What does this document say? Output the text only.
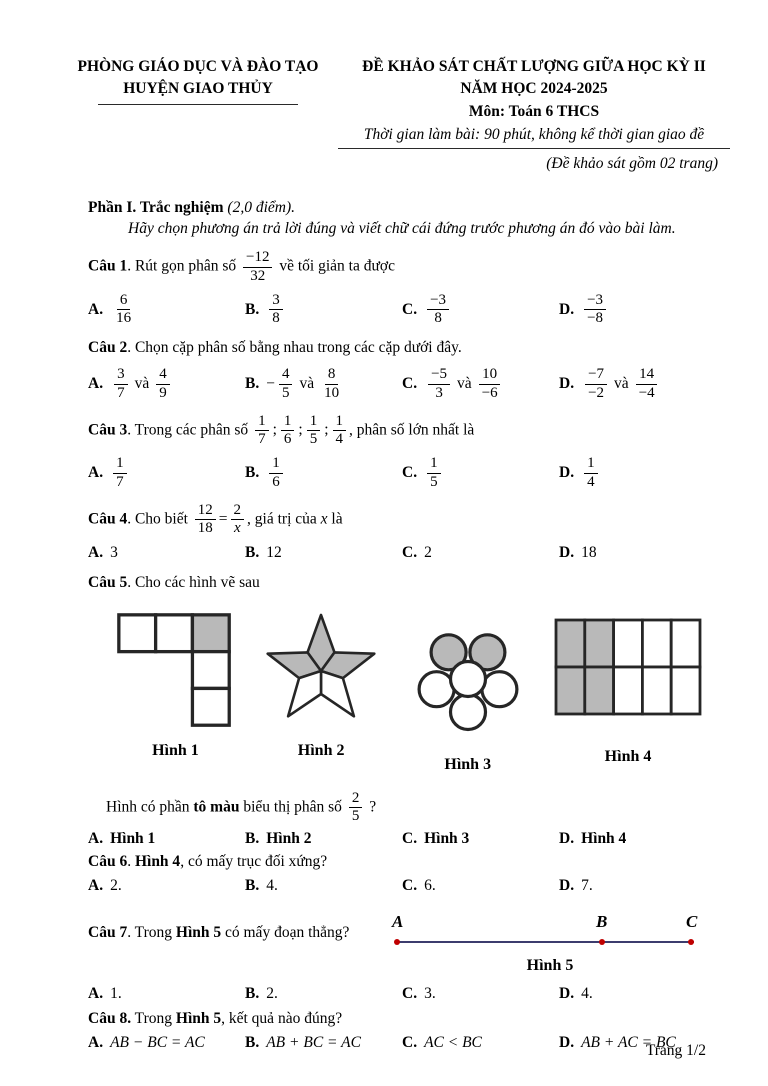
PHÒNG GIÁO DỤC VÀ ĐÀO TẠO
HUYỆN GIAO THỦY
ĐỀ KHẢO SÁT CHẤT LƯỢNG GIỮA HỌC KỲ II
NĂM HỌC 2024-2025
Môn: Toán 6 THCS
Thời gian làm bài: 90 phút, không kể thời gian giao đề
(Đề khảo sát gồm 02 trang)
Phần I. Trắc nghiệm (2,0 điểm).
Hãy chọn phương án trả lời đúng và viết chữ cái đứng trước phương án đó vào bài làm.
Câu 1. Rút gọn phân số $\frac{-12}{32}$ về tối giản ta được
A. $\frac{6}{16}$	B. $\frac{3}{8}$	C. $\frac{-3}{8}$	D. $\frac{-3}{-8}$
Câu 2. Chọn cặp phân số bằng nhau trong các cặp dưới đây.
A. $\frac{3}{7}$ và $\frac{4}{9}$	B. − $\frac{4}{5}$ và $\frac{8}{10}$	C. $\frac{-5}{3}$ và $\frac{10}{-6}$	D. $\frac{-7}{-2}$ và $\frac{14}{-4}$
Câu 3. Trong các phân số $\frac{1}{7}$ ; $\frac{1}{6}$ ; $\frac{1}{5}$ ; $\frac{1}{4}$ , phân số lớn nhất là
A. $\frac{1}{7}$	B. $\frac{1}{6}$	C. $\frac{1}{5}$	D. $\frac{1}{4}$
Câu 4. Cho biết $\frac{12}{18} = \frac{2}{x}$ , giá trị của x là
A. 3	B. 12	C. 2	D. 18
Câu 5. Cho các hình vẽ sau
Hình 1	Hình 2
Hình 3	Hình 4
Hình có phần tô màu biểu thị phân số $\frac{2}{5}$ ?
A. Hình 1	B. Hình 2	C. Hình 3	D. Hình 4
Câu 6. Hình 4, có mấy trục đối xứng?
A. 2.	B. 4.	C. 6.	D. 7.
Câu 7. Trong Hình 5 có mấy đoạn thẳng?
A	B	C
Hình 5
A. 1.	B. 2.	C. 3.	D. 4.
Câu 8. Trong Hình 5, kết quả nào đúng?
A. AB − BC = AC	B. AB + BC = AC	C. AC < BC	D. AB + AC = BC
Trang 1/2
